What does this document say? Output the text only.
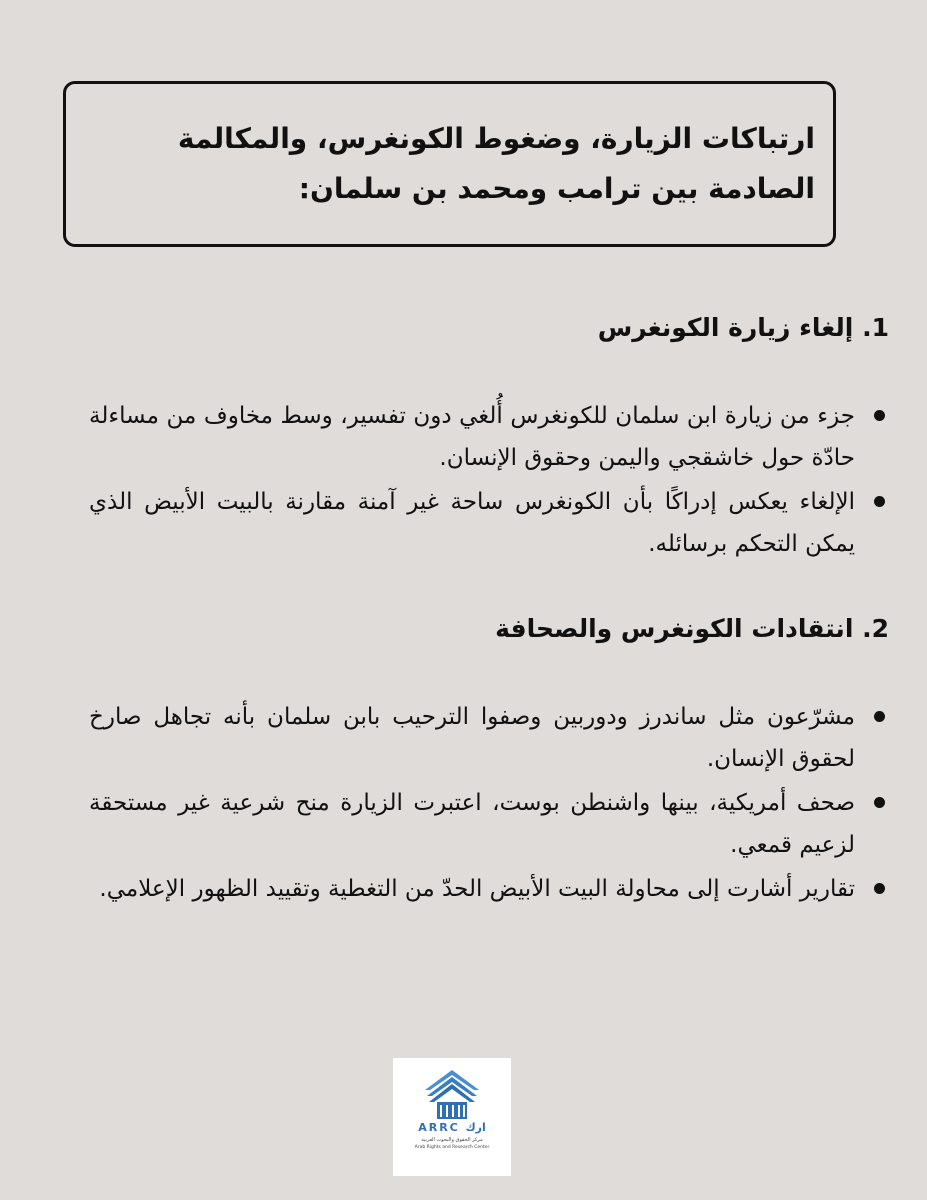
ارتباكات الزيارة، وضغوط الكونغرس، والمكالمة الصادمة بين ترامب ومحمد بن سلمان:
1. إلغاء زيارة الكونغرس
جزء من زيارة ابن سلمان للكونغرس أُلغي دون تفسير، وسط مخاوف من مساءلة حادّة حول خاشقجي واليمن وحقوق الإنسان.
الإلغاء يعكس إدراكًا بأن الكونغرس ساحة غير آمنة مقارنة بالبيت الأبيض الذي يمكن التحكم برسائله.
2. انتقادات الكونغرس والصحافة
مشرّعون مثل ساندرز ودوربين وصفوا الترحيب بابن سلمان بأنه تجاهل صارخ لحقوق الإنسان.
صحف أمريكية، بينها واشنطن بوست، اعتبرت الزيارة منح شرعية غير مستحقة لزعيم قمعي.
تقارير أشارت إلى محاولة البيت الأبيض الحدّ من التغطية وتقييد الظهور الإعلامي.
ARRC ارك
مركز الحقوق والبحوث العربية
Arab Rights and Research Center
